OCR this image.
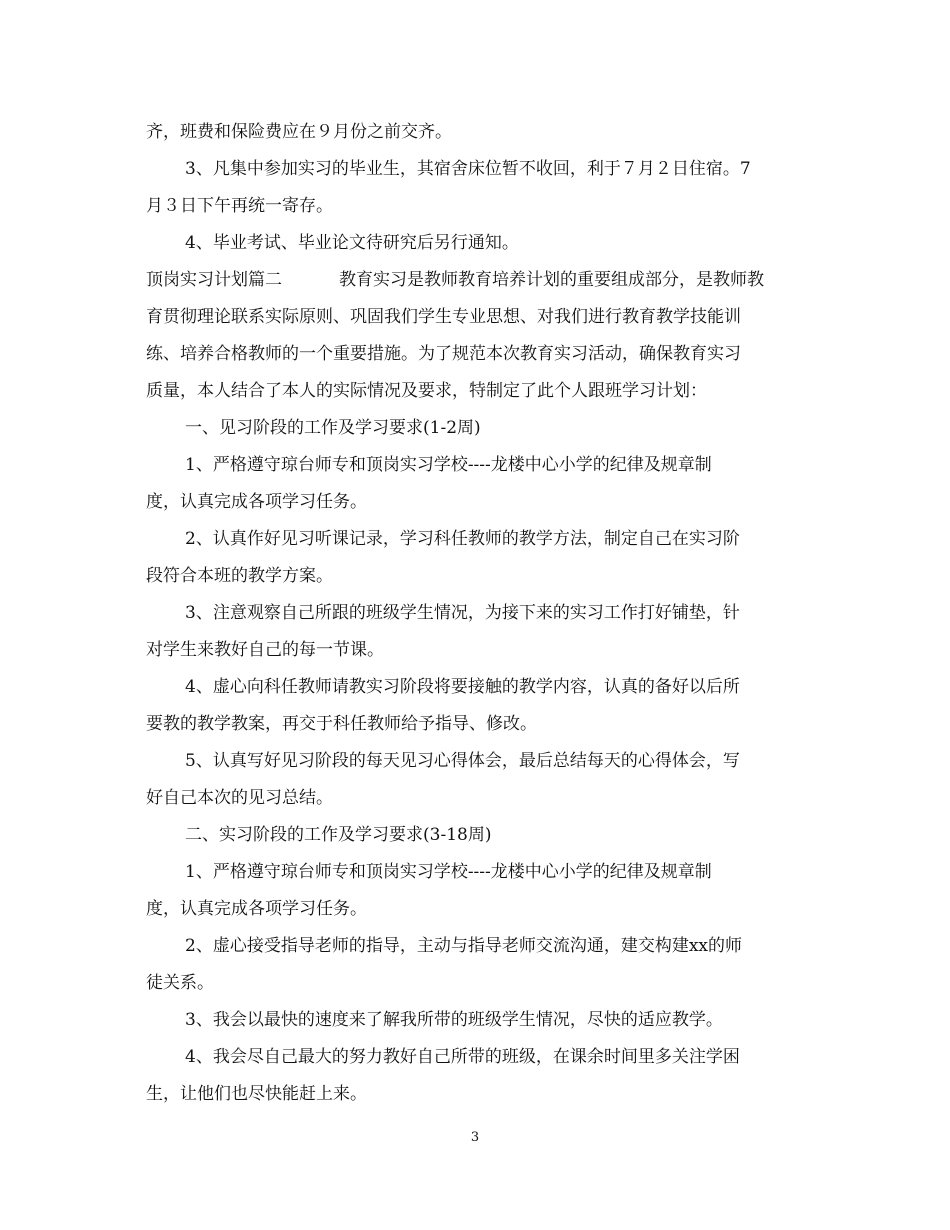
齐，班费和保险费应在９月份之前交齐。

3、凡集中参加实习的毕业生，其宿舍床位暂不收回，利于７月２日住宿。7
月３日下午再统一寄存。

4、毕业考试、毕业论文待研究后另行通知。

顶岗实习计划篇二	教育实习是教师教育培养计划的重要组成部分，是教师教
育贯彻理论联系实际原则、巩固我们学生专业思想、对我们进行教育教学技能训
练、培养合格教师的一个重要措施。为了规范本次教育实习活动，确保教育实习
质量，本人结合了本人的实际情况及要求，特制定了此个人跟班学习计划：

一、见习阶段的工作及学习要求(1-2周)

1、严格遵守琼台师专和顶岗实习学校----龙楼中心小学的纪律及规章制
度，认真完成各项学习任务。

2、认真作好见习听课记录，学习科任教师的教学方法，制定自己在实习阶
段符合本班的教学方案。

3、注意观察自己所跟的班级学生情况，为接下来的实习工作打好铺垫，针
对学生来教好自己的每一节课。

4、虚心向科任教师请教实习阶段将要接触的教学内容，认真的备好以后所
要教的教学教案，再交于科任教师给予指导、修改。

5、认真写好见习阶段的每天见习心得体会，最后总结每天的心得体会，写
好自己本次的见习总结。

二、实习阶段的工作及学习要求(3-18周)

1、严格遵守琼台师专和顶岗实习学校----龙楼中心小学的纪律及规章制
度，认真完成各项学习任务。

2、虚心接受指导老师的指导，主动与指导老师交流沟通，建交构建xx的师
徒关系。

3、我会以最快的速度来了解我所带的班级学生情况，尽快的适应教学。

4、我会尽自己最大的努力教好自己所带的班级，在课余时间里多关注学困
生，让他们也尽快能赶上来。

3
